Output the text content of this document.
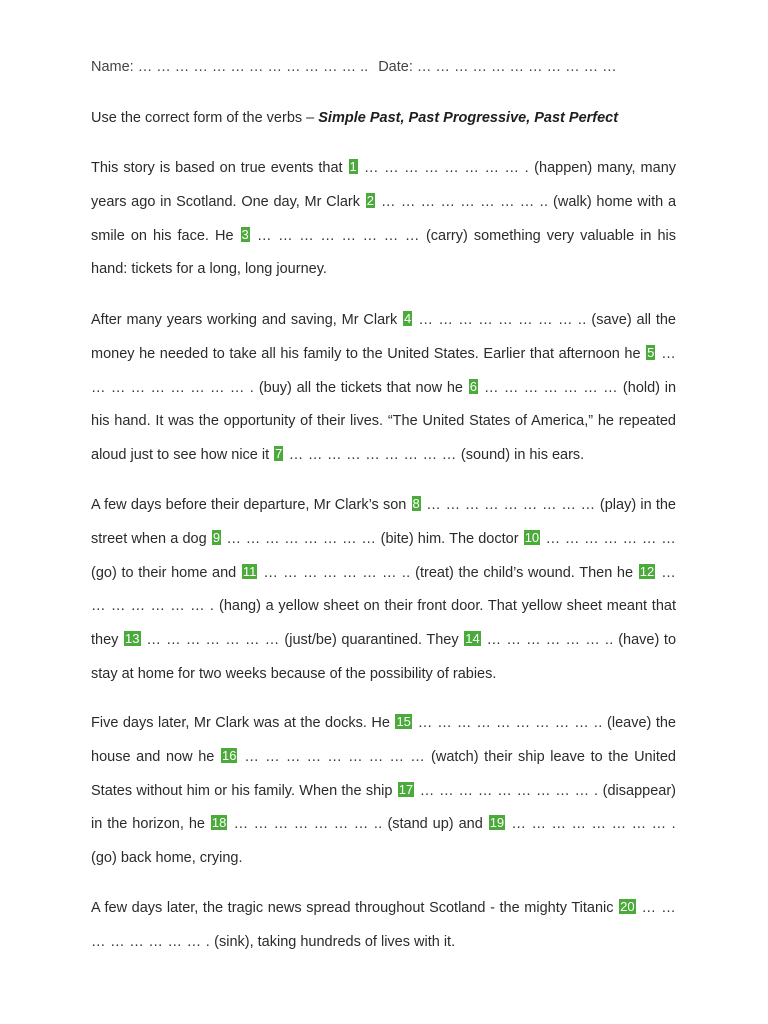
Name: … … … … … … … … … … … … .. Date: … … … … … … … … … … …
Use the correct form of the verbs – Simple Past, Past Progressive, Past Perfect
This story is based on true events that 1 … … … … … … … … . (happen) many, many years ago in Scotland. One day, Mr Clark 2 … … … … … … … … .. (walk) home with a smile on his face. He 3 … … … … … … … … (carry) something very valuable in his hand: tickets for a long, long journey.
After many years working and saving, Mr Clark 4 … … … … … … … … .. (save) all the money he needed to take all his family to the United States. Earlier that afternoon he 5 … … … … … … … … … . (buy) all the tickets that now he 6 … … … … … … … (hold) in his hand. It was the opportunity of their lives. “The United States of America,” he repeated aloud just to see how nice it 7 … … … … … … … … … (sound) in his ears.
A few days before their departure, Mr Clark’s son 8 … … … … … … … … … (play) in the street when a dog 9 … … … … … … … … (bite) him. The doctor 10 … … … … … … … (go) to their home and 11 … … … … … … … .. (treat) the child’s wound. Then he 12 … … … … … … … . (hang) a yellow sheet on their front door. That yellow sheet meant that they 13 … … … … … … … (just/be) quarantined. They 14 … … … … … … .. (have) to stay at home for two weeks because of the possibility of rabies.
Five days later, Mr Clark was at the docks. He 15 … … … … … … … … … .. (leave) the house and now he 16 … … … … … … … … … (watch) their ship leave to the United States without him or his family. When the ship 17 … … … … … … … … … . (disappear) in the horizon, he 18 … … … … … … … .. (stand up) and 19 … … … … … … … … . (go) back home, crying.
A few days later, the tragic news spread throughout Scotland - the mighty Titanic 20 … … … … … … … … . (sink), taking hundreds of lives with it.
